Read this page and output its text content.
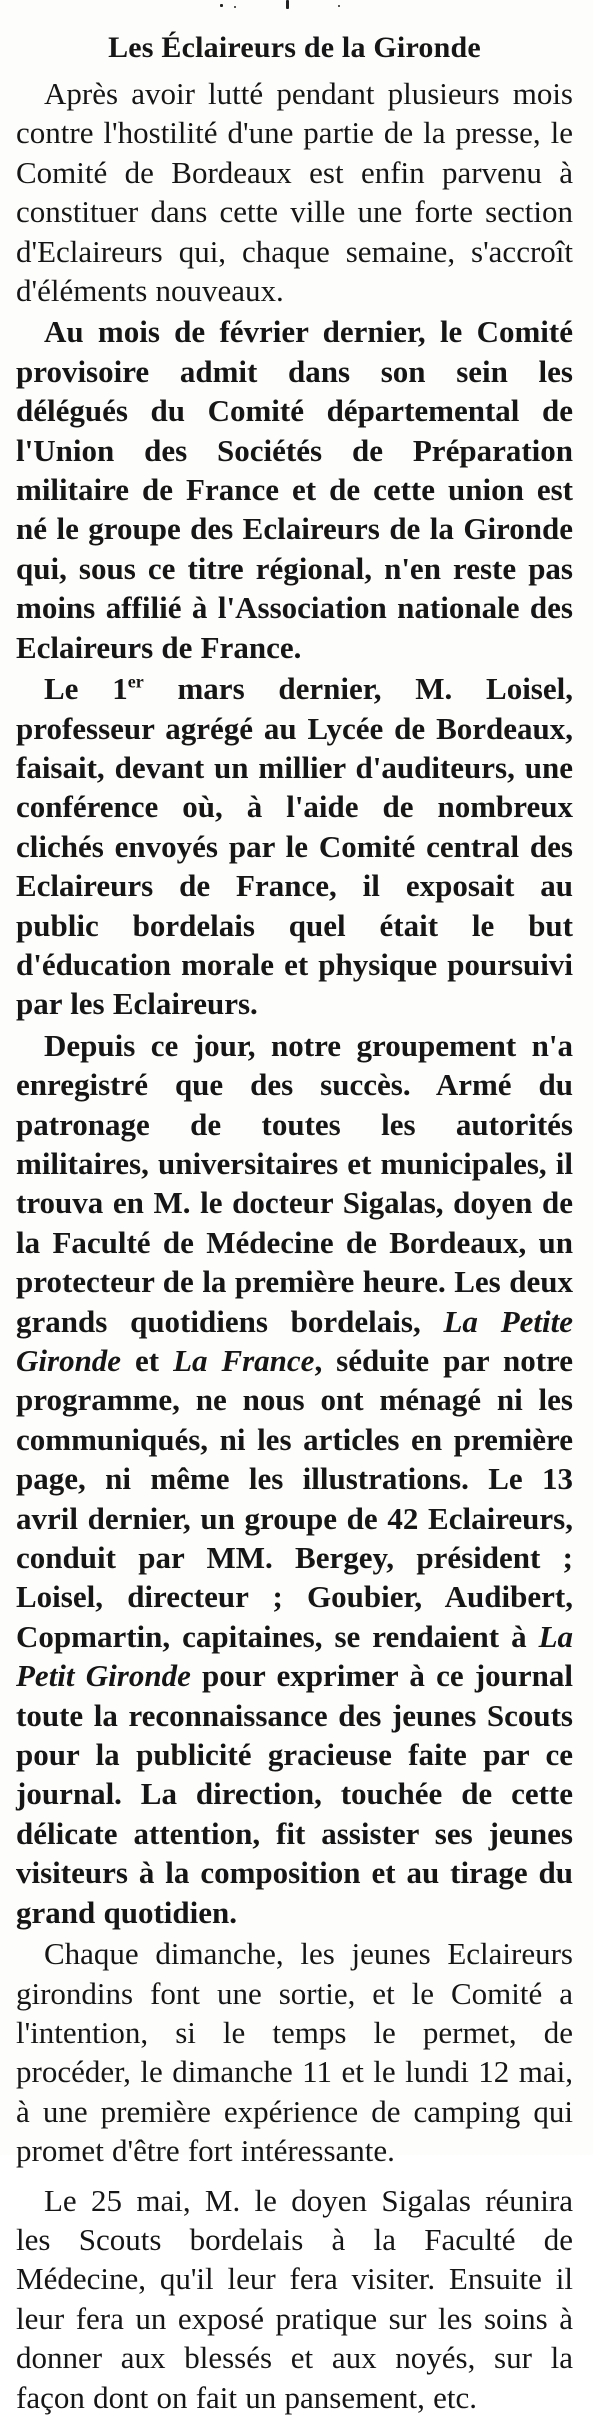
Les Éclaireurs de la Gironde

Après avoir lutté pendant plusieurs mois contre l'hostilité d'une partie de la presse, le Comité de Bordeaux est enfin parvenu à constituer dans cette ville une forte section d'Eclaireurs qui, chaque semaine, s'accroît d'éléments nouveaux.

Au mois de février dernier, le Comité provisoire admit dans son sein les délégués du Comité départemental de l'Union des Sociétés de Préparation militaire de France et de cette union est né le groupe des Eclaireurs de la Gironde qui, sous ce titre régional, n'en reste pas moins affilié à l'Association nationale des Eclaireurs de France.

Le 1er mars dernier, M. Loisel, professeur agrégé au Lycée de Bordeaux, faisait, devant un millier d'auditeurs, une conférence où, à l'aide de nombreux clichés envoyés par le Comité central des Eclaireurs de France, il exposait au public bordelais quel était le but d'éducation morale et physique poursuivi par les Eclaireurs.

Depuis ce jour, notre groupement n'a enregistré que des succès. Armé du patronage de toutes les autorités militaires, universitaires et municipales, il trouva en M. le docteur Sigalas, doyen de la Faculté de Médecine de Bordeaux, un protecteur de la première heure. Les deux grands quotidiens bordelais, La Petite Gironde et La France, séduite par notre programme, ne nous ont ménagé ni les communiqués, ni les articles en première page, ni même les illustrations. Le 13 avril dernier, un groupe de 42 Eclaireurs, conduit par MM. Bergey, président ; Loisel, directeur ; Goubier, Audibert, Copmartin, capitaines, se rendaient à La Petit Gironde pour exprimer à ce journal toute la reconnaissance des jeunes Scouts pour la publicité gracieuse faite par ce journal. La direction, touchée de cette délicate attention, fit assister ses jeunes visiteurs à la composition et au tirage du grand quotidien.

Chaque dimanche, les jeunes Eclaireurs girondins font une sortie, et le Comité a l'intention, si le temps le permet, de procéder, le dimanche 11 et le lundi 12 mai, à une première expérience de camping qui promet d'être fort intéressante.

Le 25 mai, M. le doyen Sigalas réunira les Scouts bordelais à la Faculté de Médecine, qu'il leur fera visiter. Ensuite il leur fera un exposé pratique sur les soins à donner aux blessés et aux noyés, sur la façon dont on fait un pansement, etc.
